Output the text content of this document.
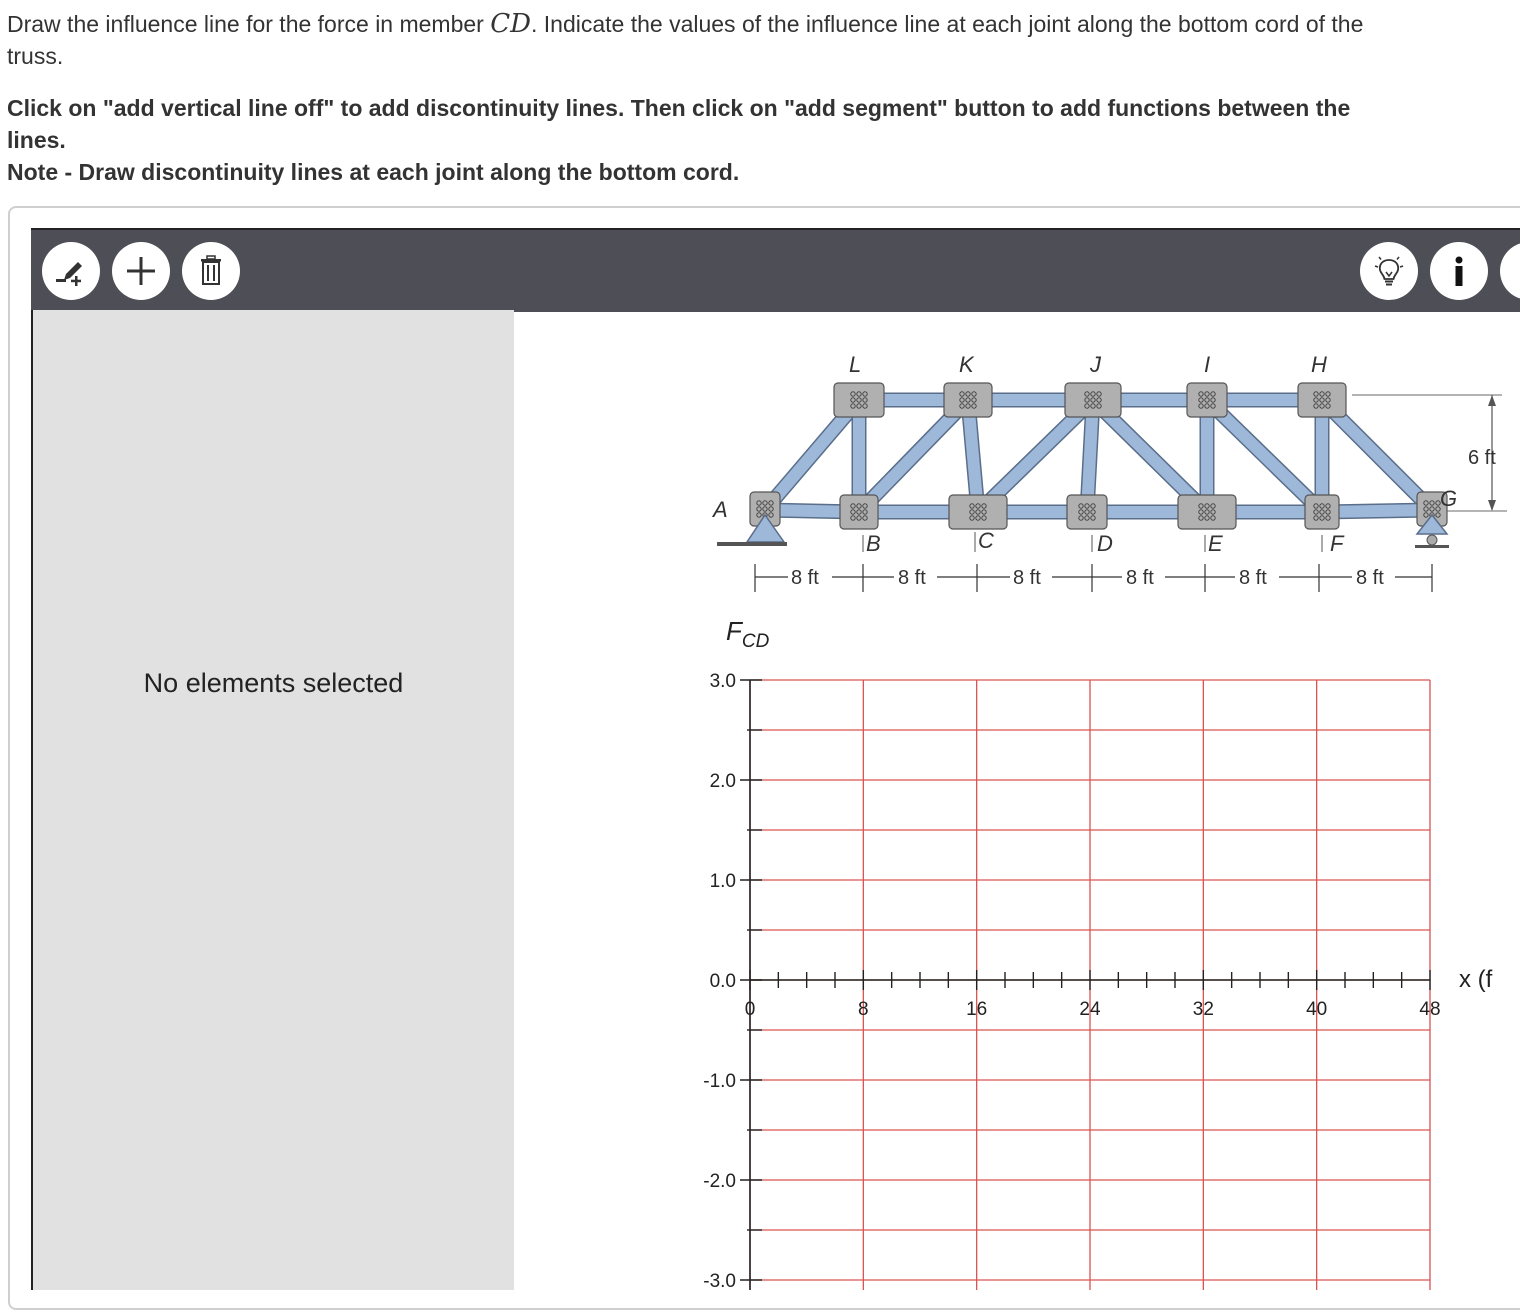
Draw the influence line for the force in member CD. Indicate the values of the influence line at each joint along the bottom cord of the truss.
Click on "add vertical line off" to add discontinuity lines. Then click on "add segment" button to add functions between the lines.
Note - Draw discontinuity lines at each joint along the bottom cord.
No elements selected
6 ft
L	K	J	I	H
B	C	D	E	F
A	G
8 ft	8 ft	8 ft	8 ft	8 ft	8 ft
$F_{CD}$
3.0
2.0
1.0
0.0
-1.0
-2.0
-3.0
0	8	16	24	32	40	48
x (f
